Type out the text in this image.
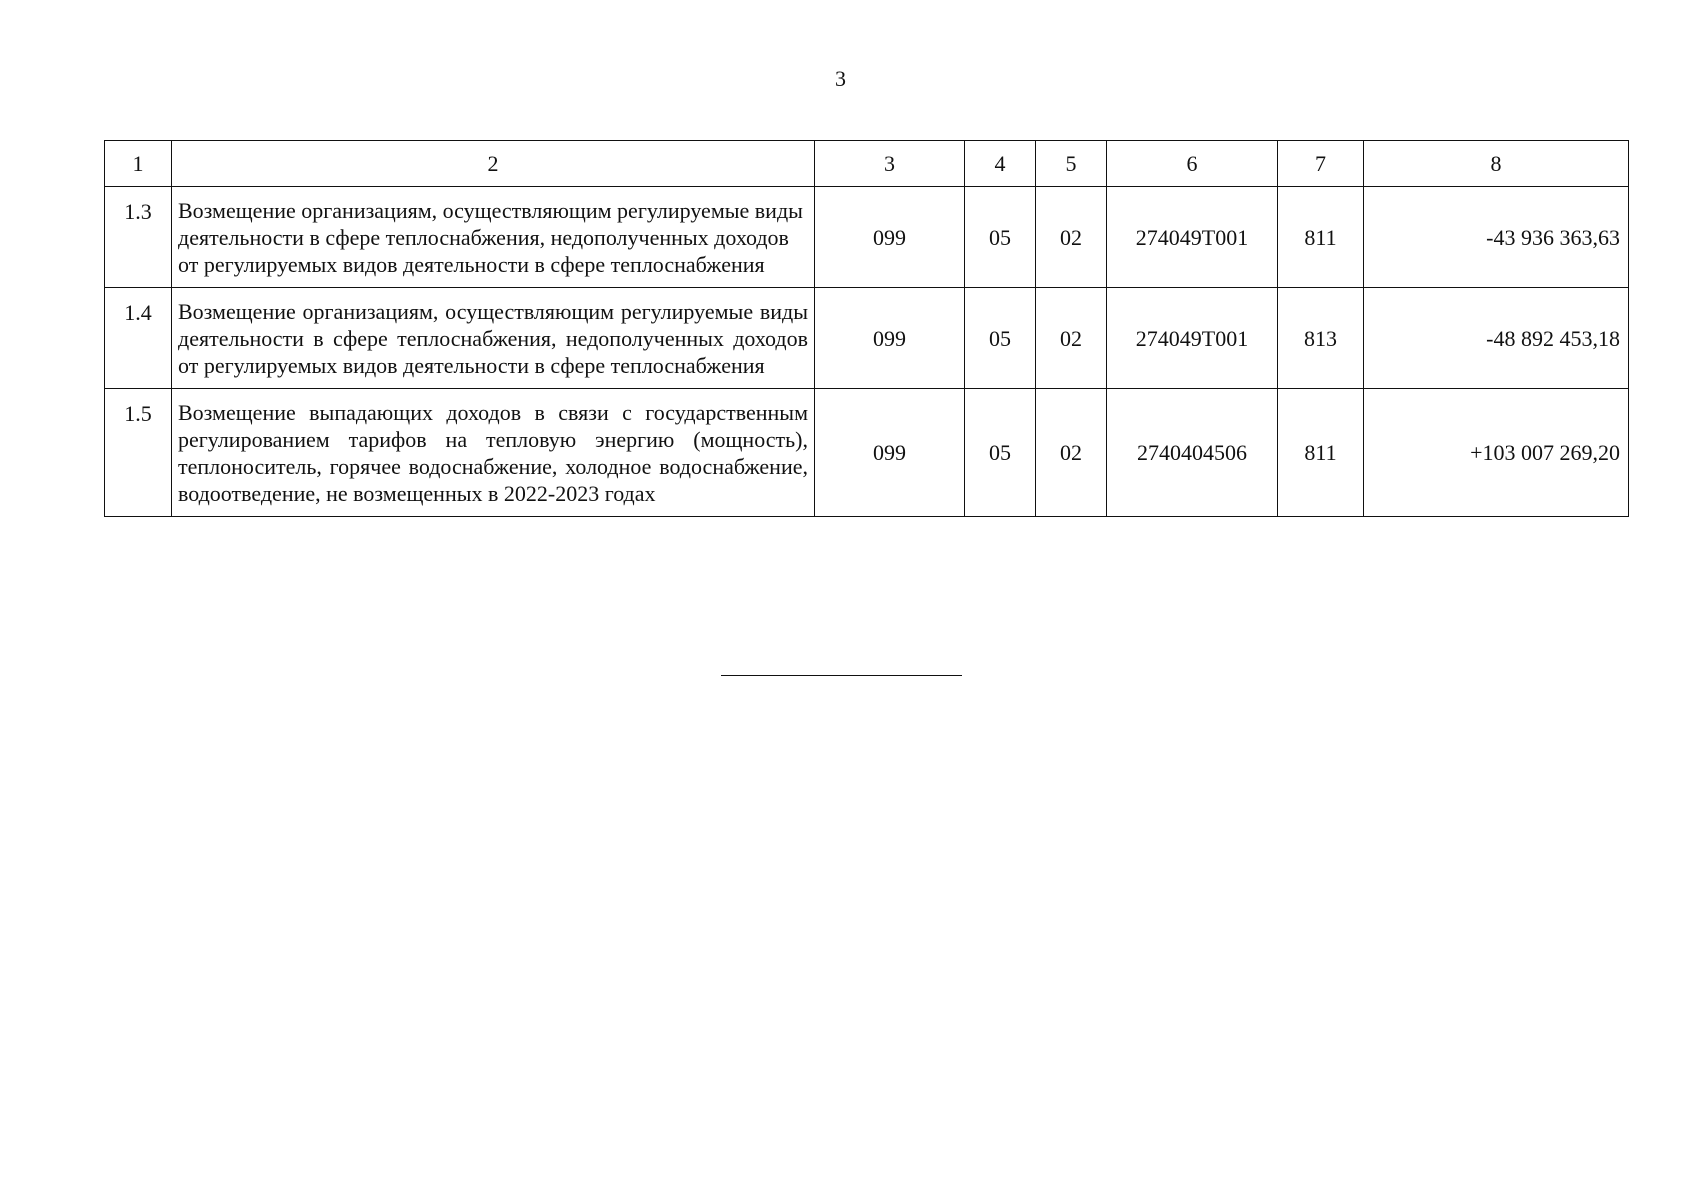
3
1	2	3	4	5	6	7	8
1.3	Возмещение организациям, осуществляющим регулируемые виды деятельности в сфере теплоснабжения, недополученных доходов от регулируемых видов деятельности в сфере теплоснабжения	099	05	02	274049Т001	811	-43 936 363,63
1.4	Возмещение организациям, осуществляющим регулируемые виды деятельности в сфере теплоснабжения, недополученных доходов от регулируемых видов деятельности в сфере теплоснабжения	099	05	02	274049Т001	813	-48 892 453,18
1.5	Возмещение выпадающих доходов в связи с государственным регулированием тарифов на тепловую энергию (мощность), теплоноситель, горячее водоснабжение, холодное водоснабжение, водоотведение, не возмещенных в 2022-2023 годах	099	05	02	2740404506	811	+103 007 269,20
